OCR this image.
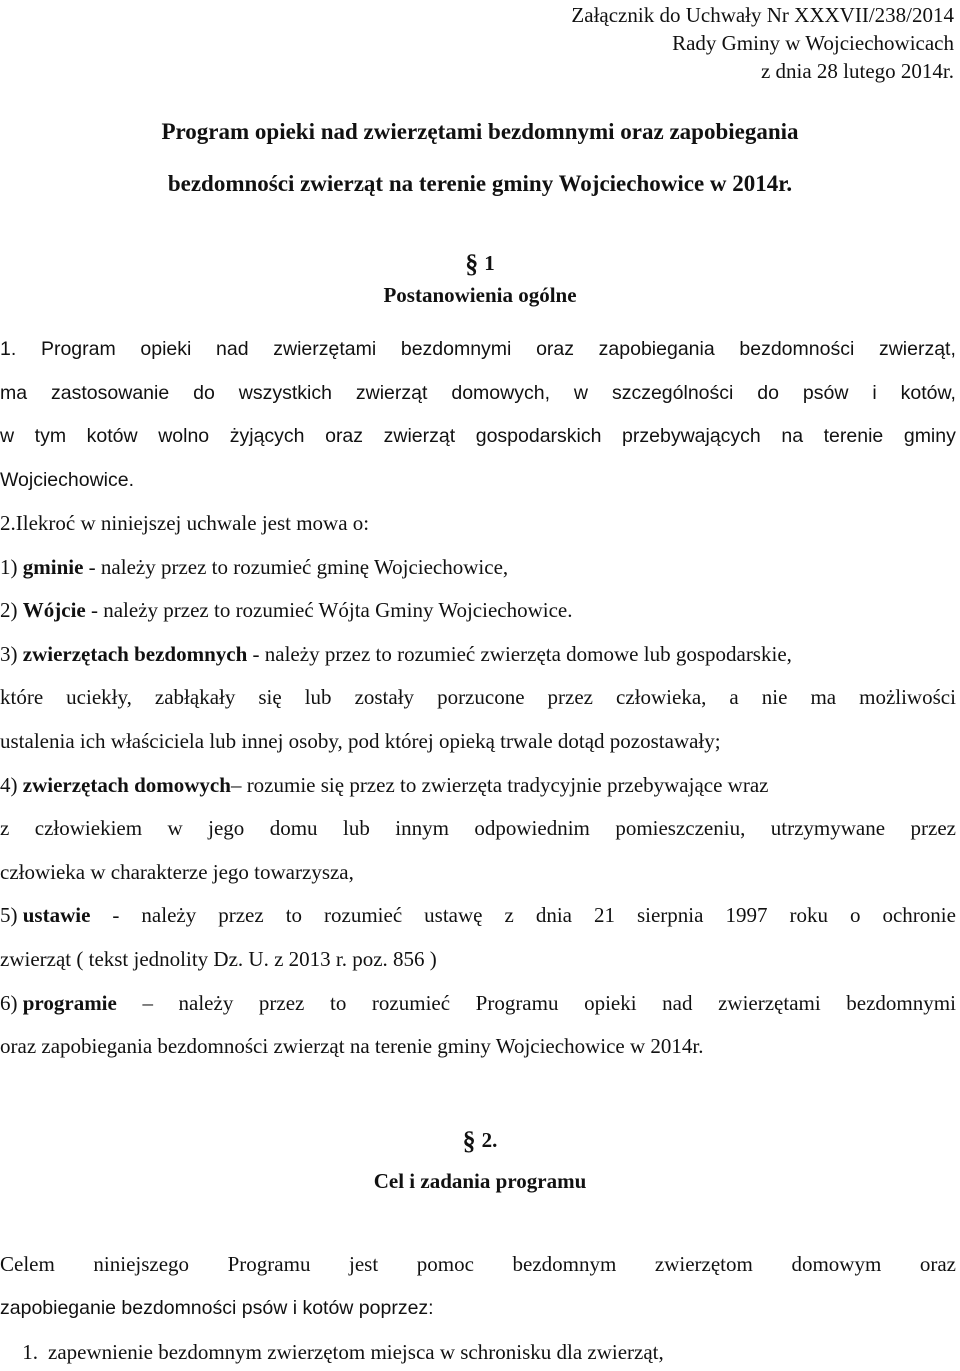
Załącznik do Uchwały Nr XXXVII/238/2014
Rady Gminy w Wojciechowicach
z dnia 28 lutego 2014r.
Program opieki nad zwierzętami bezdomnymi oraz zapobiegania
bezdomności zwierząt na terenie gminy Wojciechowice w 2014r.
§ 1
Postanowienia ogólne
1. Program opieki nad zwierzętami bezdomnymi oraz zapobiegania bezdomności zwierząt,
ma zastosowanie do wszystkich zwierząt domowych, w szczególności do psów i kotów,
w tym kotów wolno żyjących oraz zwierząt gospodarskich przebywających na terenie gminy
Wojciechowice.
2.Ilekroć w niniejszej uchwale jest mowa o:
1) gminie - należy przez to rozumieć gminę Wojciechowice,
2) Wójcie - należy przez to rozumieć Wójta Gminy Wojciechowice.
3) zwierzętach bezdomnych - należy przez to rozumieć zwierzęta domowe lub gospodarskie,
które uciekły, zabłąkały się lub zostały porzucone przez człowieka, a nie ma możliwości
ustalenia ich właściciela lub innej osoby, pod której opieką trwale dotąd pozostawały;
4) zwierzętach domowych– rozumie się przez to zwierzęta tradycyjnie przebywające wraz
z człowiekiem w jego domu lub innym odpowiednim pomieszczeniu, utrzymywane przez
człowieka w charakterze jego towarzysza,
5) ustawie - należy przez to rozumieć ustawę z dnia 21 sierpnia 1997 roku o ochronie
zwierząt ( tekst jednolity Dz. U. z 2013 r. poz. 856 )
6) programie – należy przez to rozumieć Programu opieki nad zwierzętami bezdomnymi
oraz zapobiegania bezdomności zwierząt na terenie gminy Wojciechowice w 2014r.
§ 2.
Cel i zadania programu
Celem niniejszego Programu jest pomoc bezdomnym zwierzętom domowym oraz
zapobieganie bezdomności psów i kotów poprzez:
1. zapewnienie bezdomnym zwierzętom miejsca w schronisku dla zwierząt,
